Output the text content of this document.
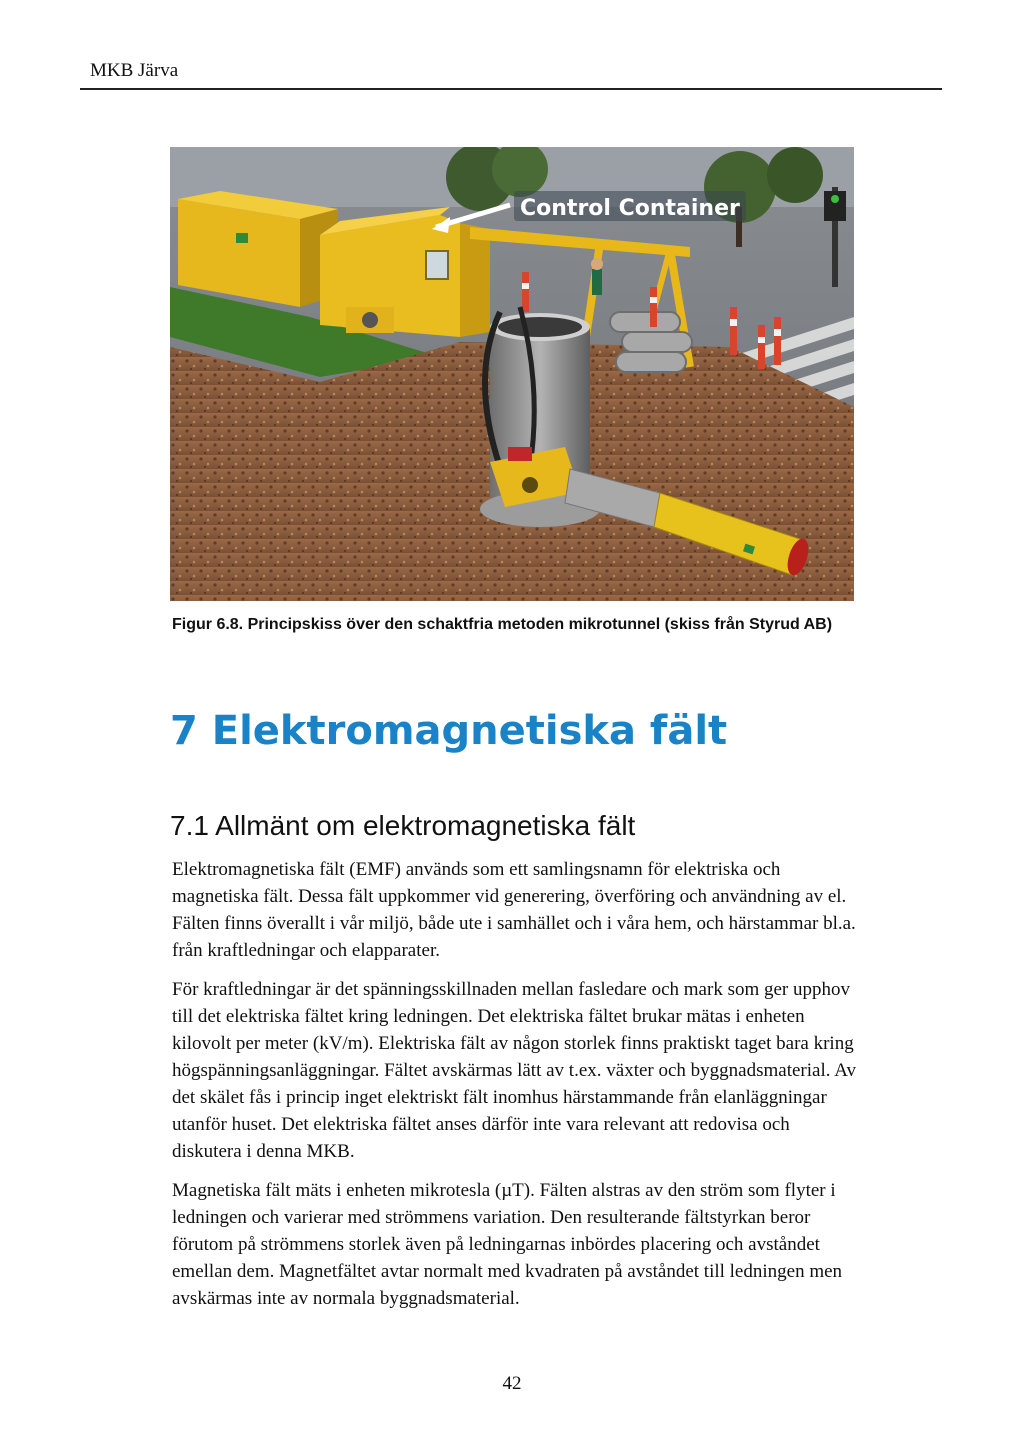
MKB Järva
Control Container
Figur 6.8. Principskiss över den schaktfria metoden mikrotunnel (skiss från Styrud AB)
7 Elektromagnetiska fält
7.1 Allmänt om elektromagnetiska fält

Elektromagnetiska fält (EMF) används som ett samlingsnamn för elektriska och magnetiska fält. Dessa fält uppkommer vid generering, överföring och användning av el. Fälten finns överallt i vår miljö, både ute i samhället och i våra hem, och härstammar bl.a. från kraftledningar och elapparater.

För kraftledningar är det spänningsskillnaden mellan fasledare och mark som ger upphov till det elektriska fältet kring ledningen. Det elektriska fältet brukar mätas i enheten kilovolt per meter (kV/m). Elektriska fält av någon storlek finns praktiskt taget bara kring högspänningsanläggningar. Fältet avskärmas lätt av t.ex. växter och byggnadsmaterial. Av det skälet fås i princip inget elektriskt fält inomhus härstammande från elanläggningar utanför huset. Det elektriska fältet anses därför inte vara relevant att redovisa och diskutera i denna MKB.

Magnetiska fält mäts i enheten mikrotesla (µT). Fälten alstras av den ström som flyter i ledningen och varierar med strömmens variation. Den resulterande fältstyrkan beror förutom på strömmens storlek även på ledningarnas inbördes placering och avståndet emellan dem. Magnetfältet avtar normalt med kvadraten på avståndet till ledningen men avskärmas inte av normala byggnadsmaterial.

42
